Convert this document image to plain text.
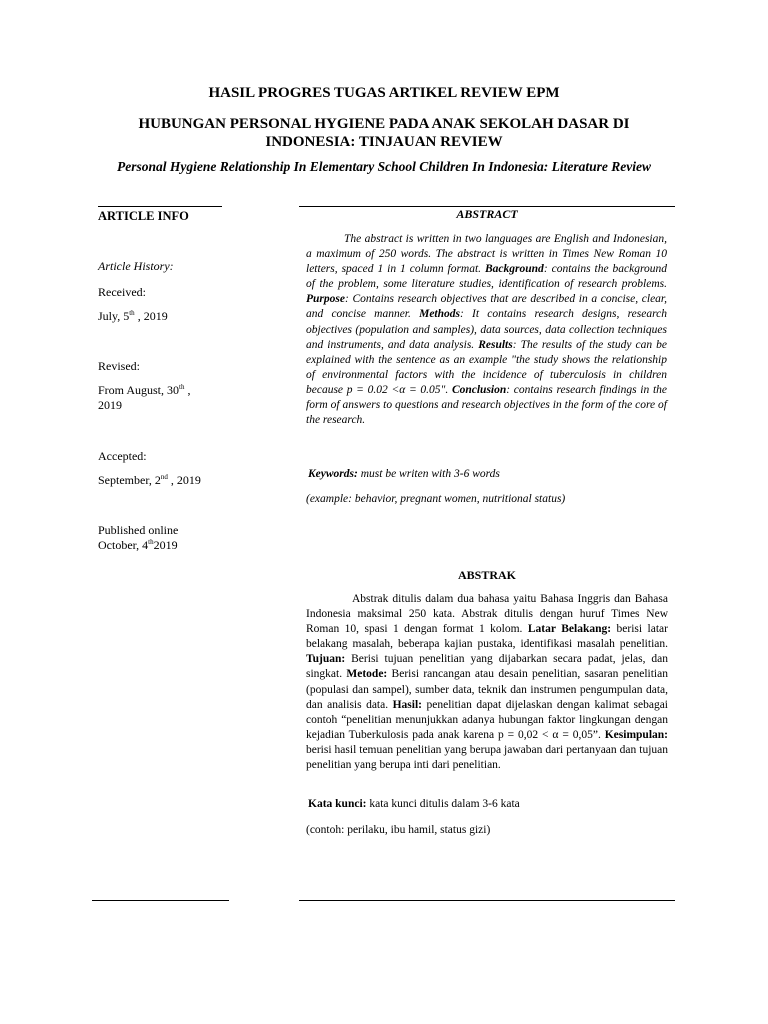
HASIL PROGRES TUGAS ARTIKEL REVIEW EPM
HUBUNGAN PERSONAL HYGIENE PADA ANAK SEKOLAH DASAR DI
INDONESIA: TINJAUAN REVIEW
Personal Hygiene Relationship In Elementary School Children In Indonesia: Literature Review
ARTICLE INFO
Article History:
Received:
July, 5th , 2019
Revised:
From August, 30th ,
2019
Accepted:
September, 2nd , 2019
Published online
October, 4th2019
ABSTRACT
The abstract is written in two languages are English and Indonesian, a maximum of 250 words. The abstract is written in Times New Roman 10 letters, spaced 1 in 1 column format. Background: contains the background of the problem, some literature studies, identification of research problems. Purpose: Contains research objectives that are described in a concise, clear, and concise manner. Methods: It contains research designs, research objectives (population and samples), data sources, data collection techniques and instruments, and data analysis. Results: The results of the study can be explained with the sentence as an example "the study shows the relationship of environmental factors with the incidence of tuberculosis in children because p = 0.02 <α = 0.05". Conclusion: contains research findings in the form of answers to questions and research objectives in the form of the core of the research.
Keywords: must be writen with 3-6 words
(example: behavior, pregnant women, nutritional status)
ABSTRAK
Abstrak ditulis dalam dua bahasa yaitu Bahasa Inggris dan Bahasa Indonesia maksimal 250 kata. Abstrak ditulis dengan huruf Times New Roman 10, spasi 1 dengan format 1 kolom. Latar Belakang: berisi latar belakang masalah, beberapa kajian pustaka, identifikasi masalah penelitian. Tujuan: Berisi tujuan penelitian yang dijabarkan secara padat, jelas, dan singkat. Metode: Berisi rancangan atau desain penelitian, sasaran penelitian (populasi dan sampel), sumber data, teknik dan instrumen pengumpulan data, dan analisis data. Hasil: penelitian dapat dijelaskan dengan kalimat sebagai contoh “penelitian menunjukkan adanya hubungan faktor lingkungan dengan kejadian Tuberkulosis pada anak karena p = 0,02 < α = 0,05”. Kesimpulan: berisi hasil temuan penelitian yang berupa jawaban dari pertanyaan dan tujuan penelitian yang berupa inti dari penelitian.
Kata kunci: kata kunci ditulis dalam 3-6 kata
(contoh: perilaku, ibu hamil, status gizi)
